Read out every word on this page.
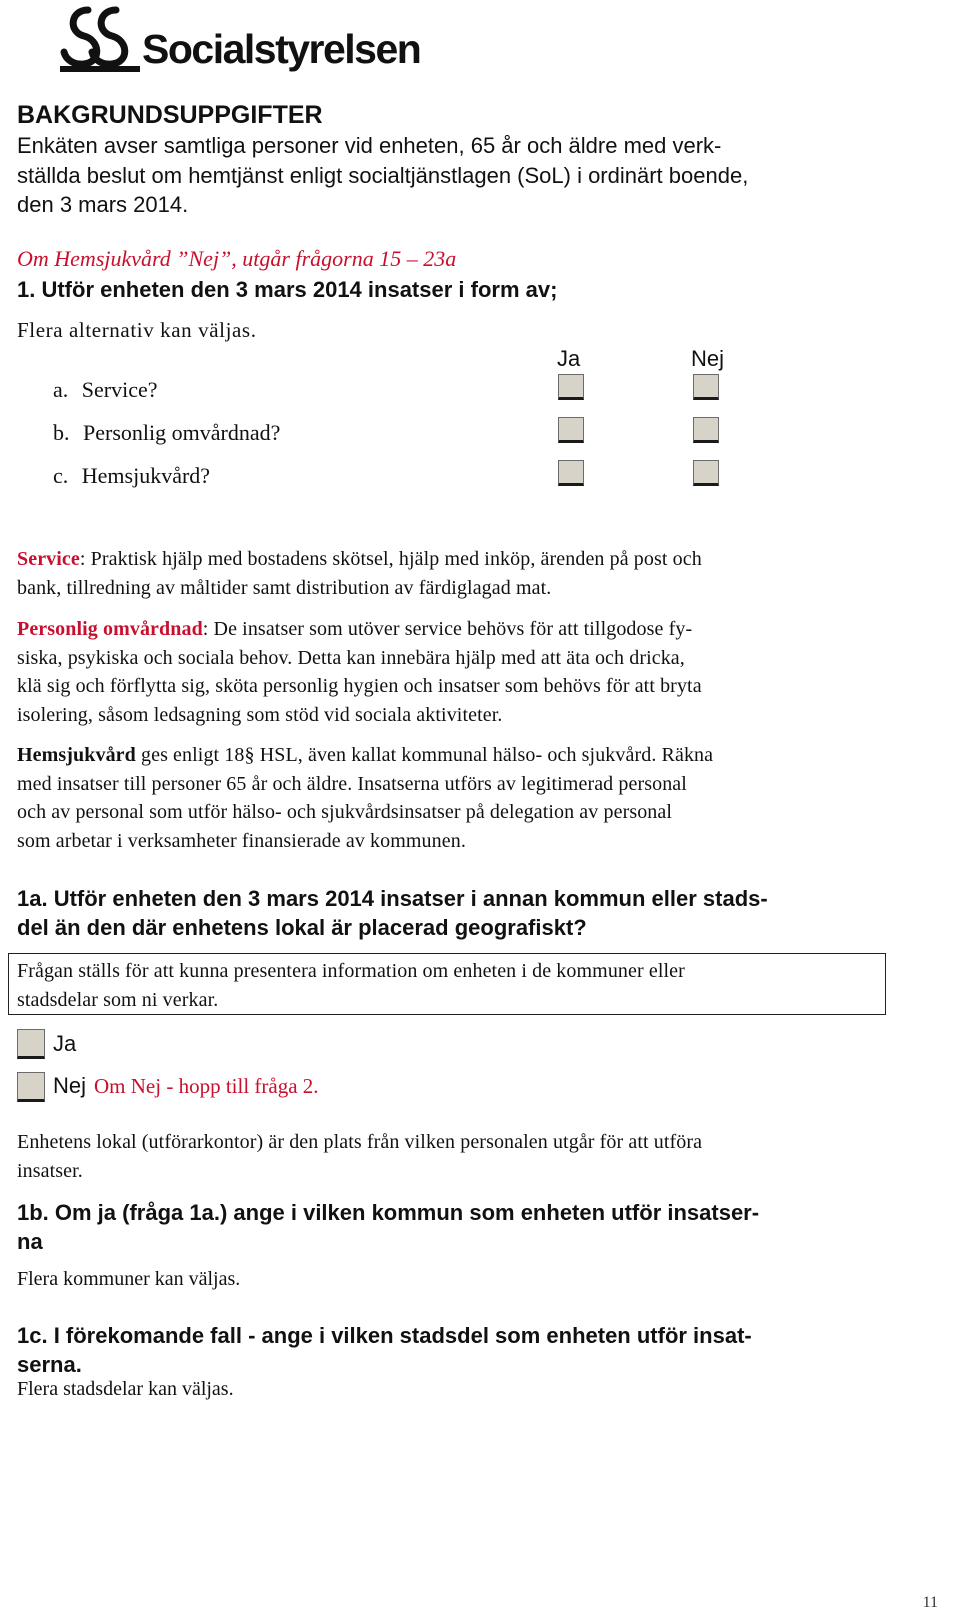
Socialstyrelsen
BAKGRUNDSUPPGIFTER
Enkäten avser samtliga personer vid enheten, 65 år och äldre med verk-
ställda beslut om hemtjänst enligt socialtjänstlagen (SoL) i ordinärt boende,
den 3 mars 2014.
Om Hemsjukvård ”Nej”, utgår frågorna 15 – 23a
1. Utför enheten den 3 mars 2014 insatser i form av;
Flera alternativ kan väljas.
Ja	Nej
a. Service?
b. Personlig omvårdnad?
c. Hemsjukvård?
Service: Praktisk hjälp med bostadens skötsel, hjälp med inköp, ärenden på post och
bank, tillredning av måltider samt distribution av färdiglagad mat.
Personlig omvårdnad: De insatser som utöver service behövs för att tillgodose fy-
siska, psykiska och sociala behov. Detta kan innebära hjälp med att äta och dricka,
klä sig och förflytta sig, sköta personlig hygien och insatser som behövs för att bryta
isolering, såsom ledsagning som stöd vid sociala aktiviteter.
Hemsjukvård ges enligt 18§ HSL, även kallat kommunal hälso- och sjukvård. Räkna
med insatser till personer 65 år och äldre. Insatserna utförs av legitimerad personal
och av personal som utför hälso- och sjukvårdsinsatser på delegation av personal
som arbetar i verksamheter finansierade av kommunen.
1a. Utför enheten den 3 mars 2014 insatser i annan kommun eller stads-
del än den där enhetens lokal är placerad geografiskt?
Frågan ställs för att kunna presentera information om enheten i de kommuner eller
stadsdelar som ni verkar.
Ja
Nej Om Nej - hopp till fråga 2.
Enhetens lokal (utförarkontor) är den plats från vilken personalen utgår för att utföra
insatser.
1b. Om ja (fråga 1a.) ange i vilken kommun som enheten utför insatser-
na
Flera kommuner kan väljas.
1c. I förekomande fall - ange i vilken stadsdel som enheten utför insat-
serna.
Flera stadsdelar kan väljas.
11
